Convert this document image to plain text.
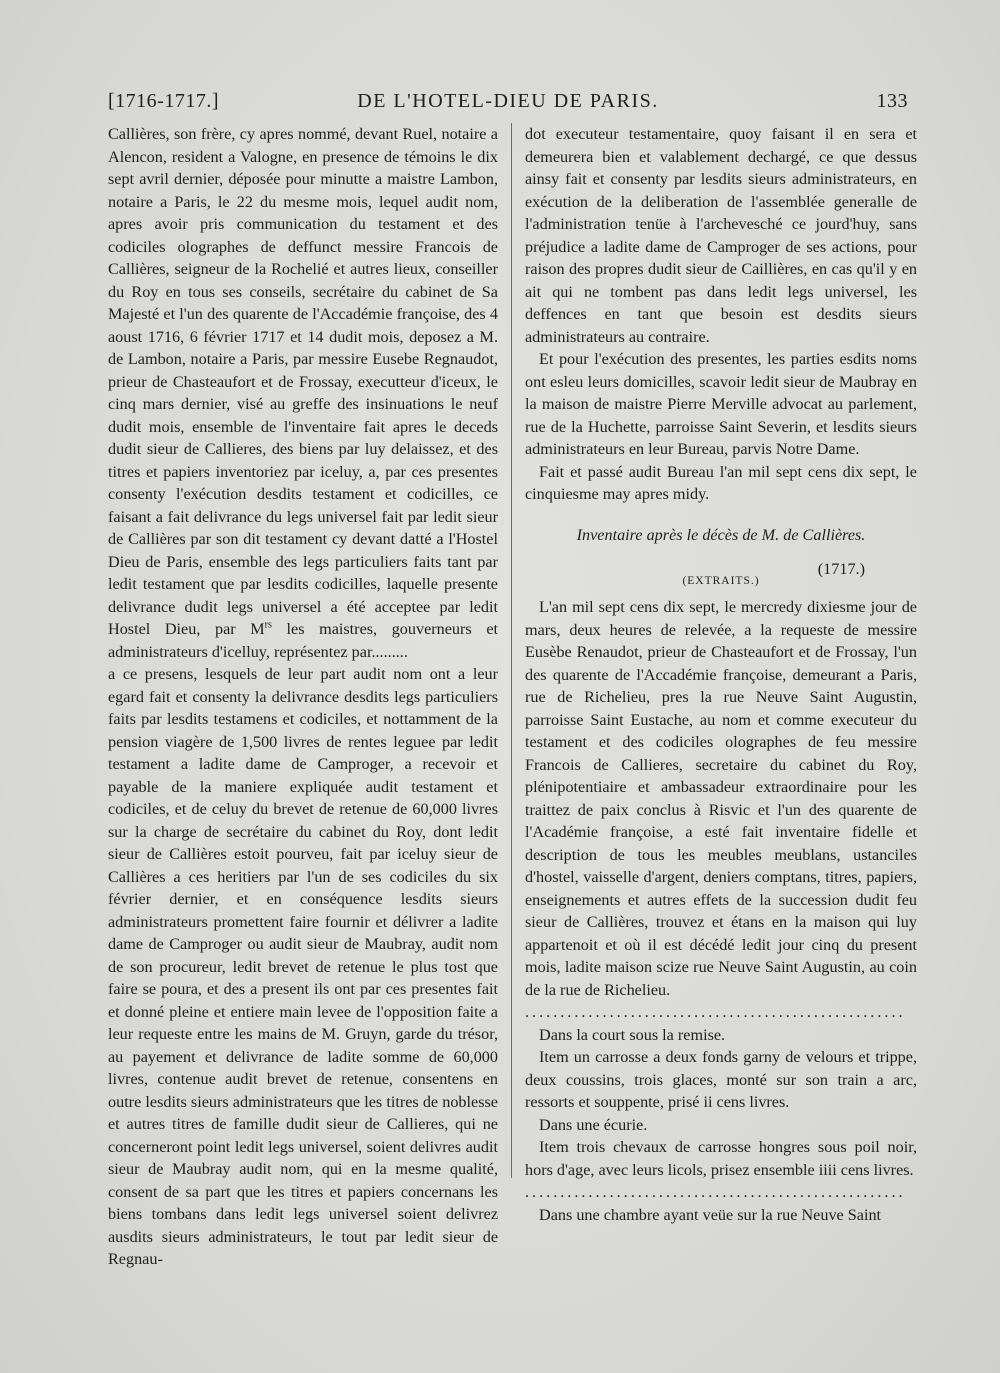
[1716-1717.]	DE L'HOTEL-DIEU DE PARIS.	133

Callières, son frère, cy apres nommé, devant Ruel, notaire a Alencon, resident a Valogne, en presence de témoins le dix sept avril dernier, déposée pour minutte a maistre Lambon, notaire a Paris, le 22 du mesme mois, lequel audit nom, apres avoir pris communication du testament et des codiciles olographes de deffunct messire Francois de Callières, seigneur de la Rochelié et autres lieux, conseiller du Roy en tous ses conseils, secrétaire du cabinet de Sa Majesté et l'un des quarente de l'Accadémie françoise, des 4 aoust 1716, 6 février 1717 et 14 dudit mois, deposez a M. de Lambon, notaire a Paris, par messire Eusebe Regnaudot, prieur de Chasteaufort et de Frossay, executteur d'iceux, le cinq mars dernier, visé au greffe des insinuations le neuf dudit mois, ensemble de l'inventaire fait apres le deceds dudit sieur de Callieres, des biens par luy delaissez, et des titres et papiers inventoriez par iceluy, a, par ces presentes consenty l'exécution desdits testament et codicilles, ce faisant a fait delivrance du legs universel fait par ledit sieur de Callières par son dit testament cy devant datté a l'Hostel Dieu de Paris, ensemble des legs particuliers faits tant par ledit testament que par lesdits codicilles, laquelle presente delivrance dudit legs universel a été acceptee par ledit Hostel Dieu, par $M^{rs}$ les maistres, gouverneurs et administrateurs d'icelluy, représentez par.........

a ce presens, lesquels de leur part audit nom ont a leur egard fait et consenty la delivrance desdits legs particuliers faits par lesdits testamens et codiciles, et nottamment de la pension viagère de 1,500 livres de rentes leguee par ledit testament a ladite dame de Camproger, a recevoir et payable de la maniere expliquée audit testament et codiciles, et de celuy du brevet de retenue de 60,000 livres sur la charge de secrétaire du cabinet du Roy, dont ledit sieur de Callières estoit pourveu, fait par iceluy sieur de Callières a ces heritiers par l'un de ses codiciles du six février dernier, et en conséquence lesdits sieurs administrateurs promettent faire fournir et délivrer a ladite dame de Camproger ou audit sieur de Maubray, audit nom de son procureur, ledit brevet de retenue le plus tost que faire se poura, et des a present ils ont par ces presentes fait et donné pleine et entiere main levee de l'opposition faite a leur requeste entre les mains de M. Gruyn, garde du trésor, au payement et delivrance de ladite somme de 60,000 livres, contenue audit brevet de retenue, consentens en outre lesdits sieurs administrateurs que les titres de noblesse et autres titres de famille dudit sieur de Callieres, qui ne concerneront point ledit legs universel, soient delivres audit sieur de Maubray audit nom, qui en la mesme qualité, consent de sa part que les titres et papiers concernans les biens tombans dans ledit legs universel soient delivrez ausdits sieurs administrateurs, le tout par ledit sieur de Regnau-

dot executeur testamentaire, quoy faisant il en sera et demeurera bien et valablement dechargé, ce que dessus ainsy fait et consenty par lesdits sieurs administrateurs, en exécution de la deliberation de l'assemblée generalle de l'administration tenüe à l'archevesché ce jourd'huy, sans préjudice a ladite dame de Camproger de ses actions, pour raison des propres dudit sieur de Caillières, en cas qu'il y en ait qui ne tombent pas dans ledit legs universel, les deffences en tant que besoin est desdits sieurs administrateurs au contraire.

Et pour l'exécution des presentes, les parties esdits noms ont esleu leurs domicilles, scavoir ledit sieur de Maubray en la maison de maistre Pierre Merville advocat au parlement, rue de la Huchette, parroisse Saint Severin, et lesdits sieurs administrateurs en leur Bureau, parvis Notre Dame.

Fait et passé audit Bureau l'an mil sept cens dix sept, le cinquiesme may apres midy.

Inventaire après le décès de M. de Callières.

(EXTRAITS.)
(1717.)

L'an mil sept cens dix sept, le mercredy dixiesme jour de mars, deux heures de relevée, a la requeste de messire Eusèbe Renaudot, prieur de Chasteaufort et de Frossay, l'un des quarente de l'Accadémie françoise, demeurant a Paris, rue de Richelieu, pres la rue Neuve Saint Augustin, parroisse Saint Eustache, au nom et comme executeur du testament et des codiciles olographes de feu messire Francois de Callieres, secretaire du cabinet du Roy, plénipotentiaire et ambassadeur extraordinaire pour les traittez de paix conclus à Risvic et l'un des quarente de l'Académie françoise, a esté fait inventaire fidelle et description de tous les meubles meublans, ustanciles d'hostel, vaisselle d'argent, deniers comptans, titres, papiers, enseignements et autres effets de la succession dudit feu sieur de Callières, trouvez et étans en la maison qui luy appartenoit et où il est décédé ledit jour cinq du present mois, ladite maison scize rue Neuve Saint Augustin, au coin de la rue de Richelieu.

......................................................

Dans la court sous la remise.

Item un carrosse a deux fonds garny de velours et trippe, deux coussins, trois glaces, monté sur son train a arc, ressorts et souppente, prisé ii cens livres.

Dans une écurie.

Item trois chevaux de carrosse hongres sous poil noir, hors d'age, avec leurs licols, prisez ensemble iiii cens livres.

......................................................

Dans une chambre ayant veüe sur la rue Neuve Saint
